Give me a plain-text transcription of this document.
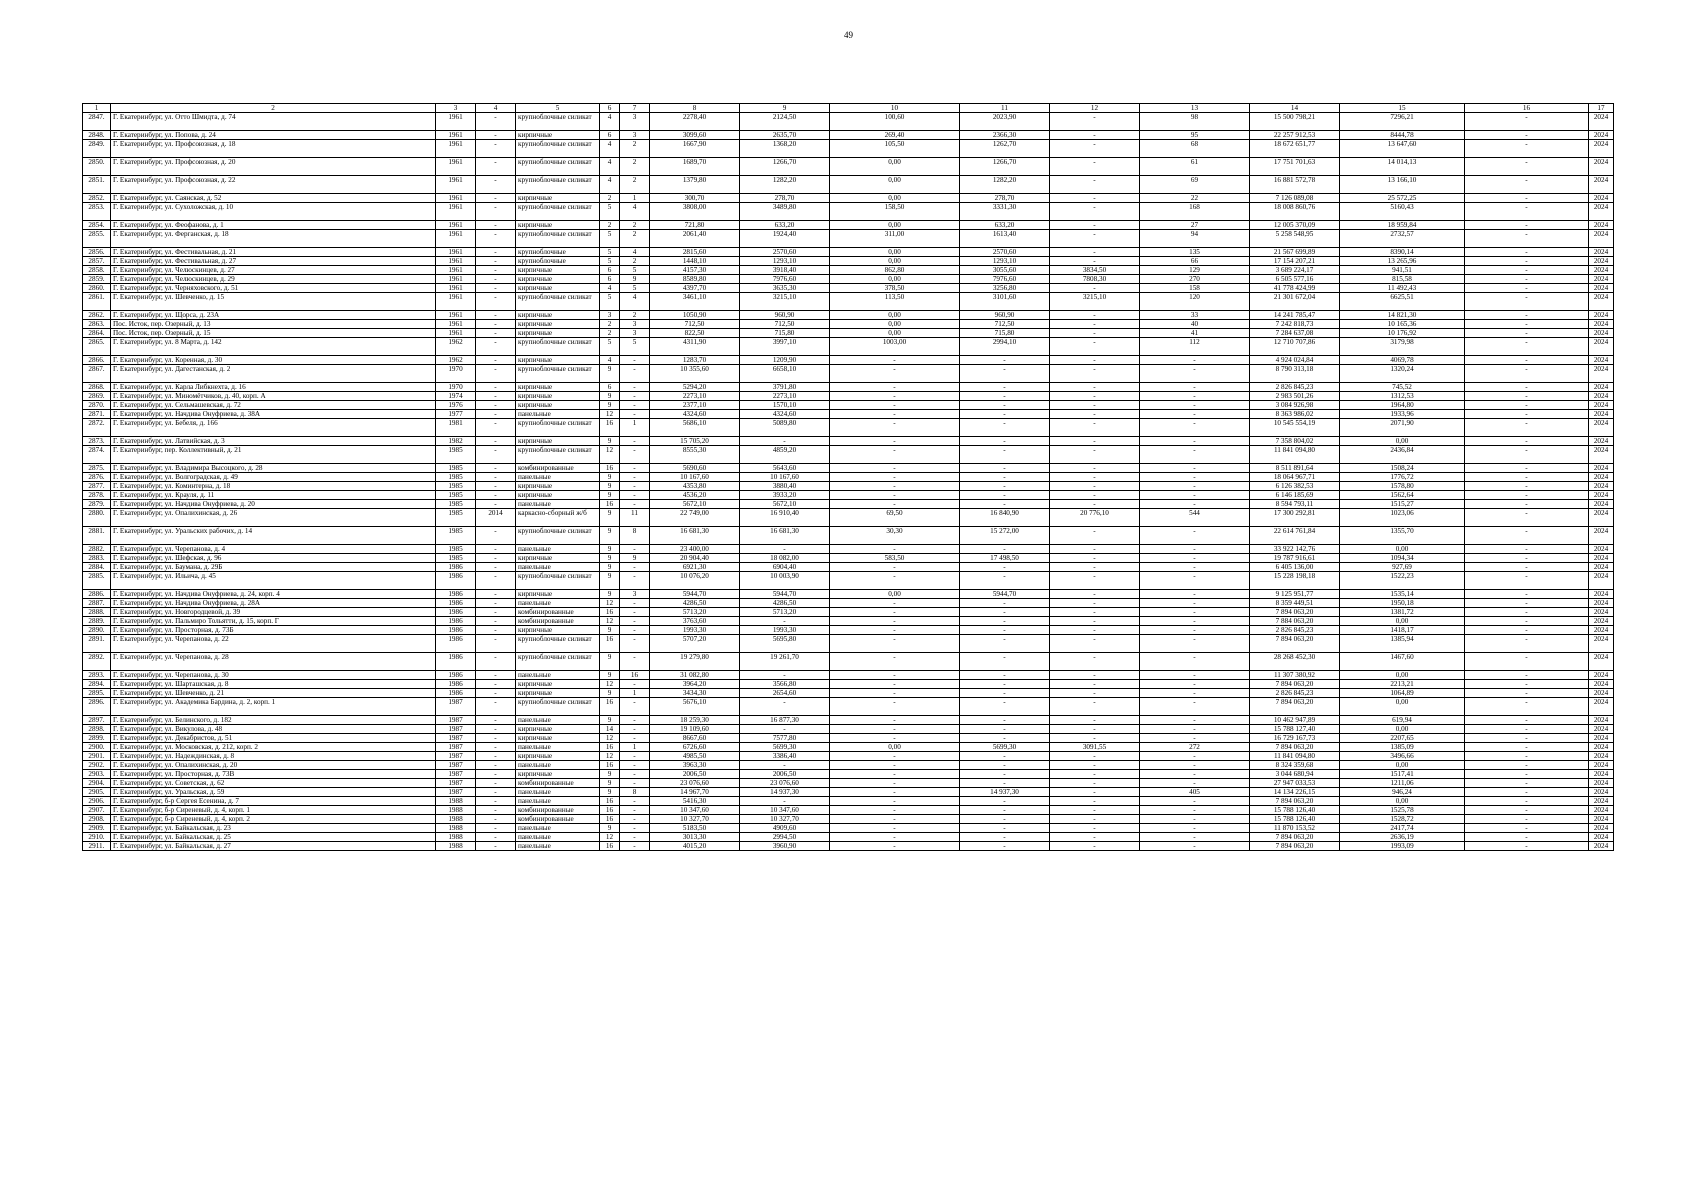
49
1	2	3	4	5	6	7	8	9	10	11	12	13	14	15	16	17
2847.	Г. Екатеринбург, ул. Отто Шмидта, д. 74	1961	-	крупноблочные силикат	4	3	2278,40	2124,50	100,60	2023,90	-	98	15 500 798,21	7296,21	-	2024
2848.	Г. Екатеринбург, ул. Попова, д. 24	1961	-	кирпичные	6	3	3099,60	2635,70	269,40	2366,30	-	95	22 257 912,53	8444,78	-	2024
2849.	Г. Екатеринбург, ул. Профсоюзная, д. 18	1961	-	крупноблочные силикат	4	2	1667,90	1368,20	105,50	1262,70	-	68	18 672 651,77	13 647,60	-	2024
2850.	Г. Екатеринбург, ул. Профсоюзная, д. 20	1961	-	крупноблочные силикат	4	2	1689,70	1266,70	0,00	1266,70	-	61	17 751 701,63	14 014,13	-	2024
2851.	Г. Екатеринбург, ул. Профсоюзная, д. 22	1961	-	крупноблочные силикат	4	2	1379,80	1282,20	0,00	1282,20	-	69	16 881 572,78	13 166,10	-	2024
2852.	Г. Екатеринбург, ул. Саянская, д. 52	1961	-	кирпичные	2	1	300,70	278,70	0,00	278,70	-	22	7 126 089,08	25 572,25	-	2024
2853.	Г. Екатеринбург, ул. Сухоложская, д. 10	1961	-	крупноблочные силикат	5	4	3808,00	3489,80	158,50	3331,30	-	168	18 008 860,76	5160,43	-	2024
2854.	Г. Екатеринбург, ул. Феофанова, д. 1	1961	-	кирпичные	2	2	721,80	633,20	0,00	633,20	-	27	12 005 370,09	18 959,84	-	2024
2855.	Г. Екатеринбург, ул. Ферганская, д. 18	1961	-	крупноблочные силикат	5	2	2061,40	1924,40	311,00	1613,40	-	94	5 258 548,95	2732,57	-	2024
2856.	Г. Екатеринбург, ул. Фестивальная, д. 21	1961	-	крупноблочные	5	4	2815,60	2570,60	0,00	2570,60	-	135	21 567 699,89	8390,14	-	2024
2857.	Г. Екатеринбург, ул. Фестивальная, д. 27	1961	-	крупноблочные	5	2	1448,10	1293,10	0,00	1293,10	-	66	17 154 207,21	13 265,96	-	2024
2858.	Г. Екатеринбург, ул. Челюскинцев, д. 27	1961	-	кирпичные	6	5	4157,30	3918,40	862,80	3055,60	3834,50	129	3 689 224,17	941,51	-	2024
2859.	Г. Екатеринбург, ул. Челюскинцев, д. 29	1961	-	кирпичные	6	9	8589,80	7976,60	0,00	7976,60	7808,30	270	6 505 577,16	815,58	-	2024
2860.	Г. Екатеринбург, ул. Черняховского, д. 51	1961	-	кирпичные	4	5	4397,70	3635,30	378,50	3256,80	-	158	41 778 424,99	11 492,43	-	2024
2861.	Г. Екатеринбург, ул. Шевченко, д. 15	1961	-	крупноблочные силикат	5	4	3461,10	3215,10	113,50	3101,60	3215,10	120	21 301 672,04	6625,51	-	2024
2862.	Г. Екатеринбург, ул. Щорса, д. 23А	1961	-	кирпичные	3	2	1050,90	960,90	0,00	960,90	-	33	14 241 785,47	14 821,30	-	2024
2863.	Пос. Исток, пер. Озерный, д. 13	1961	-	кирпичные	2	3	712,50	712,50	0,00	712,50	-	40	7 242 818,73	10 165,36	-	2024
2864.	Пос. Исток, пер. Озерный, д. 15	1961	-	кирпичные	2	3	822,50	715,80	0,00	715,80	-	41	7 284 637,08	10 176,92	-	2024
2865.	Г. Екатеринбург, ул. 8 Марта, д. 142	1962	-	крупноблочные силикат	5	5	4311,90	3997,10	1003,00	2994,10	-	112	12 710 707,86	3179,98	-	2024
2866.	Г. Екатеринбург, ул. Коренная, д. 30	1962	-	кирпичные	4	-	1283,70	1209,90	-	-	-	-	4 924 024,84	4069,78	-	2024
2867.	Г. Екатеринбург, ул. Дагестанская, д. 2	1970	-	крупноблочные силикат	9	-	10 355,60	6658,10	-	-	-	-	8 790 313,18	1320,24	-	2024
2868.	Г. Екатеринбург, ул. Карла Либкнехта, д. 16	1970	-	кирпичные	6	-	5294,20	3791,80	-	-	-	-	2 826 845,23	745,52	-	2024
2869.	Г. Екатеринбург, ул. Миномётчиков, д. 40, корп. А	1974	-	кирпичные	9	-	2273,10	2273,10	-	-	-	-	2 983 501,26	1312,53	-	2024
2870.	Г. Екатеринбург, ул. Сельмашевская, д. 72	1976	-	кирпичные	9	-	2377,10	1570,10	-	-	-	-	3 084 926,98	1964,80	-	2024
2871.	Г. Екатеринбург, ул. Начдива Онуфриева, д. 38А	1977	-	панельные	12	-	4324,60	4324,60	-	-	-	-	8 363 986,02	1933,96	-	2024
2872.	Г. Екатеринбург, ул. Бебеля, д. 166	1981	-	крупноблочные силикат	16	1	5686,10	5089,80	-	-	-	-	10 545 554,19	2071,90	-	2024
2873.	Г. Екатеринбург, ул. Латвийская, д. 3	1982	-	кирпичные	9	-	15 705,20	-	-	-	-	-	7 358 804,02	0,00	-	2024
2874.	Г. Екатеринбург, пер. Коллективный, д. 21	1985	-	крупноблочные силикат	12	-	8555,30	4859,20	-	-	-	-	11 841 094,80	2436,84	-	2024
2875.	Г. Екатеринбург, ул. Владимира Высоцкого, д. 28	1985	-	комбинированные	16	-	5690,60	5643,60	-	-	-	-	8 511 891,64	1508,24	-	2024
2876.	Г. Екатеринбург, ул. Волгоградская, д. 49	1985	-	панельные	9	-	10 167,60	10 167,60	-	-	-	-	18 064 967,71	1776,72	-	2024
2877.	Г. Екатеринбург, ул. Коминтерна, д. 18	1985	-	кирпичные	9	-	4353,80	3880,40	-	-	-	-	6 126 382,53	1578,80	-	2024
2878.	Г. Екатеринбург, ул. Крауля, д. 11	1985	-	кирпичные	9	-	4536,20	3933,20	-	-	-	-	6 146 185,69	1562,64	-	2024
2879.	Г. Екатеринбург, ул. Начдива Онуфриева, д. 20	1985	-	панельные	16	-	5672,10	5672,10	-	-	-	-	8 594 793,11	1515,27	-	2024
2880.	Г. Екатеринбург, ул. Опалихинская, д. 26	1985	2014	каркасно-сборный ж/б	9	11	22 749,00	16 910,40	69,50	16 840,90	20 776,10	544	17 300 292,81	1023,06	-	2024
2881.	Г. Екатеринбург, ул. Уральских рабочих, д. 14	1985	-	крупноблочные силикат	9	8	16 681,30	16 681,30	30,30	15 272,00	-	-	22 614 761,84	1355,70	-	2024
2882.	Г. Екатеринбург, ул. Черепанова, д. 4	1985	-	панельные	9	-	23 400,00	-	-	-	-	-	33 922 142,76	0,00	-	2024
2883.	Г. Екатеринбург, ул. Шефская, д. 96	1985	-	кирпичные	9	9	20 904,40	18 082,00	583,50	17 498,50	-	-	19 787 916,61	1094,34	-	2024
2884.	Г. Екатеринбург, ул. Баумана, д. 29Б	1986	-	панельные	9	-	6921,30	6904,40	-	-	-	-	6 405 136,00	927,69	-	2024
2885.	Г. Екатеринбург, ул. Ильича, д. 45	1986	-	крупноблочные силикат	9	-	10 076,20	10 003,90	-	-	-	-	15 228 198,18	1522,23	-	2024
2886.	Г. Екатеринбург, ул. Начдива Онуфриева, д. 24, корп. 4	1986	-	кирпичные	9	3	5944,70	5944,70	0,00	5944,70	-	-	9 125 951,77	1535,14	-	2024
2887.	Г. Екатеринбург, ул. Начдива Онуфриева, д. 28А	1986	-	панельные	12	-	4286,50	4286,50	-	-	-	-	8 359 449,51	1950,18	-	2024
2888.	Г. Екатеринбург, ул. Новгородцевой, д. 39	1986	-	комбинированные	16	-	5713,20	5713,20	-	-	-	-	7 894 063,20	1381,72	-	2024
2889.	Г. Екатеринбург, ул. Пальмиро Тольятти, д. 15, корп. Г	1986	-	комбинированные	12	-	3763,60	-	-	-	-	-	7 884 063,20	0,00	-	2024
2890.	Г. Екатеринбург, ул. Просторная, д. 73Б	1986	-	кирпичные	9	-	1993,30	1993,30	-	-	-	-	2 826 845,23	1418,17	-	2024
2891.	Г. Екатеринбург, ул. Черепанова, д. 22	1986	-	крупноблочные силикат	16	-	5707,20	5695,80	-	-	-	-	7 894 063,20	1385,94	-	2024
2892.	Г. Екатеринбург, ул. Черепанова, д. 28	1986	-	крупноблочные силикат	9	-	19 279,80	19 261,70	-	-	-	-	28 268 452,30	1467,60	-	2024
2893.	Г. Екатеринбург, ул. Черепанова, д. 30	1986	-	панельные	9	16	31 082,80	-	-	-	-	-	11 307 380,92	0,00	-	2024
2894.	Г. Екатеринбург, ул. Шарташская, д. 8	1986	-	кирпичные	12	-	3964,20	3566,80	-	-	-	-	7 894 063,20	2213,21	-	2024
2895.	Г. Екатеринбург, ул. Шевченко, д. 21	1986	-	кирпичные	9	1	3434,30	2654,60	-	-	-	-	2 826 845,23	1064,89	-	2024
2896.	Г. Екатеринбург, ул. Академика Бардина, д. 2, корп. 1	1987	-	крупноблочные силикат	16	-	5676,10	-	-	-	-	-	7 894 063,20	0,00	-	2024
2897.	Г. Екатеринбург, ул. Белинского, д. 182	1987	-	панельные	9	-	18 259,30	16 877,30	-	-	-	-	10 462 947,89	619,94	-	2024
2898.	Г. Екатеринбург, ул. Викулова, д. 48	1987	-	кирпичные	14	-	19 109,60	-	-	-	-	-	15 788 127,40	0,00	-	2024
2899.	Г. Екатеринбург, ул. Декабристов, д. 51	1987	-	кирпичные	12	-	8667,60	7577,80	-	-	-	-	16 729 167,73	2207,65	-	2024
2900.	Г. Екатеринбург, ул. Московская, д. 212, корп. 2	1987	-	панельные	16	1	6726,60	5699,30	0,00	5699,30	3091,55	272	7 894 063,20	1385,09	-	2024
2901.	Г. Екатеринбург, ул. Надеждинская, д. 8	1987	-	кирпичные	12	-	4985,50	3386,40	-	-	-	-	11 841 094,80	3496,66	-	2024
2902.	Г. Екатеринбург, ул. Опалихинская, д. 20	1987	-	панельные	16	-	3963,30	-	-	-	-	-	8 324 359,68	0,00	-	2024
2903.	Г. Екатеринбург, ул. Просторная, д. 73В	1987	-	кирпичные	9	-	2006,50	2006,50	-	-	-	-	3 044 680,94	1517,41	-	2024
2904.	Г. Екатеринбург, ул. Советская, д. 62	1987	-	комбинированные	9	-	23 076,60	23 076,60	-	-	-	-	27 947 033,53	1211,06	-	2024
2905.	Г. Екатеринбург, ул. Уральская, д. 59	1987	-	панельные	9	8	14 967,70	14 937,30	-	14 937,30	-	405	14 134 226,15	946,24	-	2024
2906.	Г. Екатеринбург, б-р Сергея Есенина, д. 7	1988	-	панельные	16	-	5416,30	-	-	-	-	-	7 894 063,20	0,00	-	2024
2907.	Г. Екатеринбург, б-р Сиреневый, д. 4, корп. 1	1988	-	комбинированные	16	-	10 347,60	10 347,60	-	-	-	-	15 788 126,40	1525,78	-	2024
2908.	Г. Екатеринбург, б-р Сиреневый, д. 4, корп. 2	1988	-	комбинированные	16	-	10 327,70	10 327,70	-	-	-	-	15 788 126,40	1528,72	-	2024
2909.	Г. Екатеринбург, ул. Байкальская, д. 23	1988	-	панельные	9	-	5183,50	4909,60	-	-	-	-	11 870 153,52	2417,74	-	2024
2910.	Г. Екатеринбург, ул. Байкальская, д. 25	1988	-	панельные	12	-	3013,30	2994,50	-	-	-	-	7 894 063,20	2636,19	-	2024
2911.	Г. Екатеринбург, ул. Байкальская, д. 27	1988	-	панельные	16	-	4015,20	3960,90	-	-	-	-	7 894 063,20	1993,09	-	2024
